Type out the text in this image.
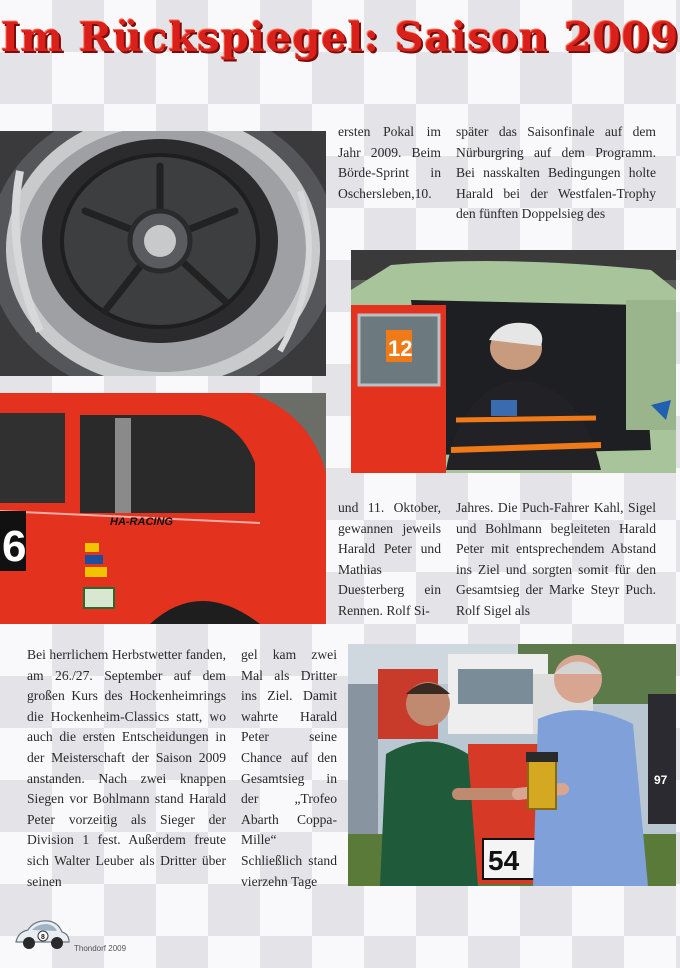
Im Rückspiegel: Saison 2009
6	HA-RACING
12
54
97
ersten Pokal im Jahr 2009. Beim Börde-Sprint in Oschersleben,10.
später das Saisonfinale auf dem Nürburgring auf dem Programm. Bei nasskalten Bedingungen holte Harald bei der Westfalen-Trophy den fünften Doppelsieg des
und 11. Oktober, gewannen jeweils Harald Peter und Mathias Duesterberg ein Rennen. Rolf Si-
Jahres. Die Puch-Fahrer Kahl, Sigel und Bohlmann begleiteten Harald Peter mit entsprechendem Abstand ins Ziel und sorgten somit für den Gesamtsieg der Marke Steyr Puch. Rolf Sigel als
Bei herrlichem Herbstwetter fanden, am 26./27. September auf dem großen Kurs des Hockenheimrings die Hockenheim-Classics statt, wo auch die ersten Entscheidungen in der Meisterschaft der Saison 2009 anstanden. Nach zwei knappen Siegen vor Bohlmann stand Harald Peter vorzeitig als Sieger der Division 1 fest. Außerdem freute sich Walter Leuber als Dritter über seinen
gel kam zwei Mal als Dritter ins Ziel. Damit wahrte Harald Peter seine Chance auf den Gesamtsieg in der „Trofeo Abarth Coppa-Mille“ Schließlich stand vierzehn Tage
8
Thondorf 2009
